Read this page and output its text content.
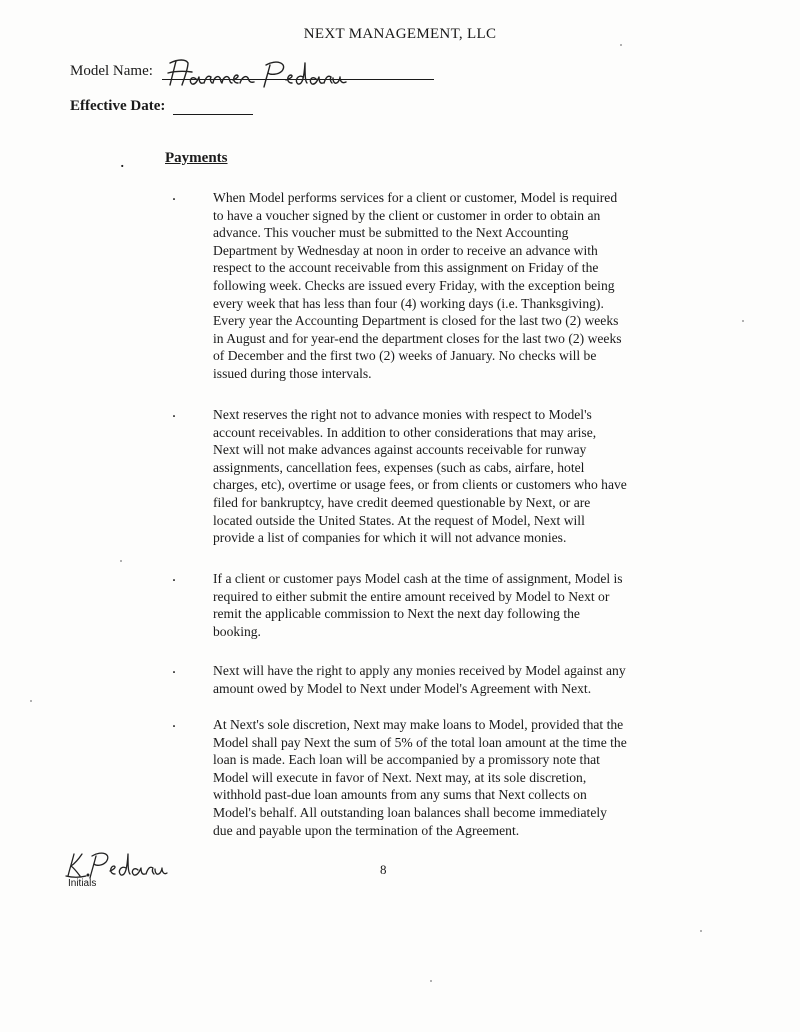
NEXT MANAGEMENT, LLC
Model Name:
Effective Date:
.	Payments
.	When Model performs services for a client or customer, Model is required
to have a voucher signed by the client or customer in order to obtain an
advance. This voucher must be submitted to the Next Accounting
Department by Wednesday at noon in order to receive an advance with
respect to the account receivable from this assignment on Friday of the
following week. Checks are issued every Friday, with the exception being
every week that has less than four (4) working days (i.e. Thanksgiving).
Every year the Accounting Department is closed for the last two (2) weeks
in August and for year-end the department closes for the last two (2) weeks
of December and the first two (2) weeks of January. No checks will be
issued during those intervals.
.	Next reserves the right not to advance monies with respect to Model's
account receivables. In addition to other considerations that may arise,
Next will not make advances against accounts receivable for runway
assignments, cancellation fees, expenses (such as cabs, airfare, hotel
charges, etc), overtime or usage fees, or from clients or customers who have
filed for bankruptcy, have credit deemed questionable by Next, or are
located outside the United States. At the request of Model, Next will
provide a list of companies for which it will not advance monies.
.	If a client or customer pays Model cash at the time of assignment, Model is
required to either submit the entire amount received by Model to Next or
remit the applicable commission to Next the next day following the
booking.
.	Next will have the right to apply any monies received by Model against any
amount owed by Model to Next under Model's Agreement with Next.
.	At Next's sole discretion, Next may make loans to Model, provided that the
Model shall pay Next the sum of 5% of the total loan amount at the time the
loan is made. Each loan will be accompanied by a promissory note that
Model will execute in favor of Next. Next may, at its sole discretion,
withhold past-due loan amounts from any sums that Next collects on
Model's behalf. All outstanding loan balances shall become immediately
due and payable upon the termination of the Agreement.
Initials
8
